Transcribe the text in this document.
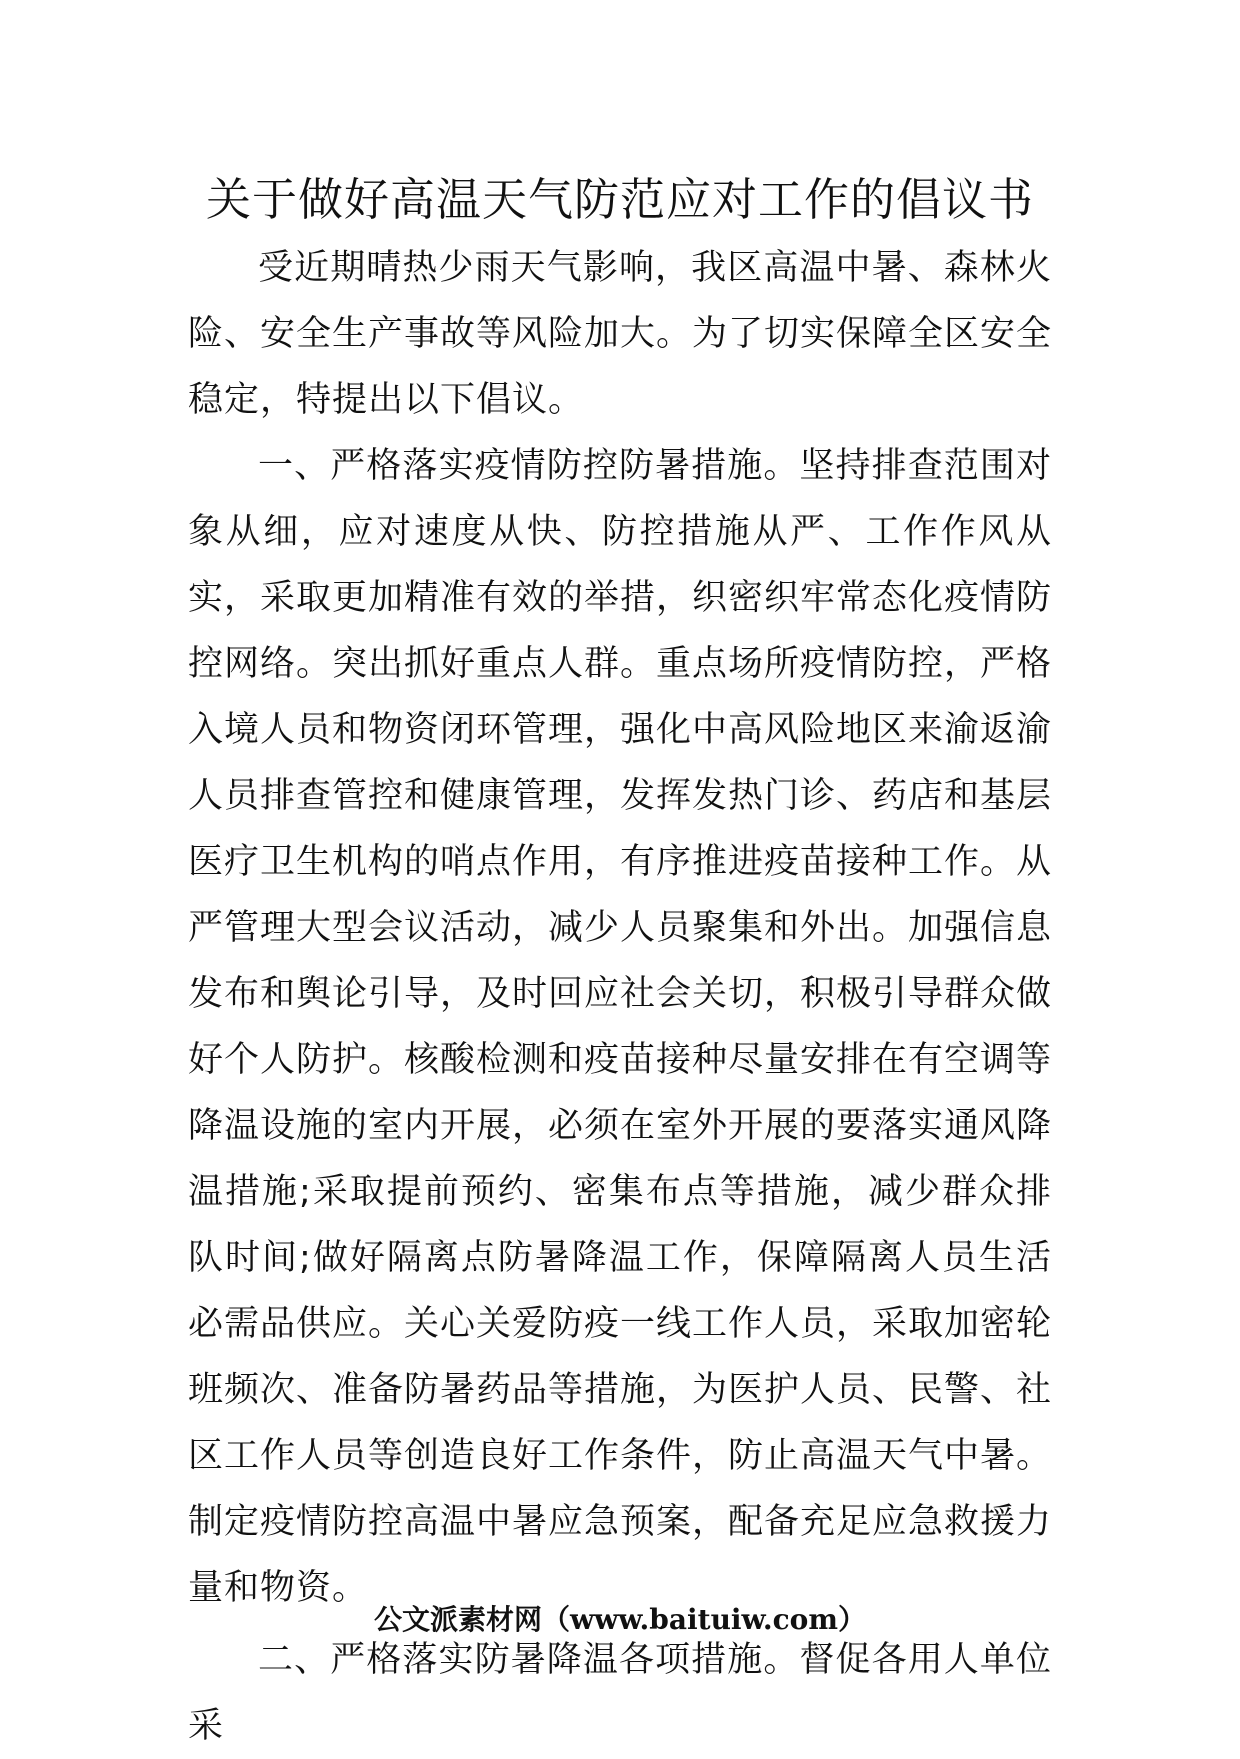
关于做好高温天气防范应对工作的倡议书

受近期晴热少雨天气影响，我区高温中暑、森林火险、安全生产事故等风险加大。为了切实保障全区安全稳定，特提出以下倡议。

一、严格落实疫情防控防暑措施。坚持排查范围对象从细，应对速度从快、防控措施从严、工作作风从实，采取更加精准有效的举措，织密织牢常态化疫情防控网络。突出抓好重点人群。重点场所疫情防控，严格入境人员和物资闭环管理，强化中高风险地区来渝返渝人员排查管控和健康管理，发挥发热门诊、药店和基层医疗卫生机构的哨点作用，有序推进疫苗接种工作。从严管理大型会议活动，减少人员聚集和外出。加强信息发布和舆论引导，及时回应社会关切，积极引导群众做好个人防护。核酸检测和疫苗接种尽量安排在有空调等降温设施的室内开展，必须在室外开展的要落实通风降温措施;采取提前预约、密集布点等措施，减少群众排队时间;做好隔离点防暑降温工作，保障隔离人员生活必需品供应。关心关爱防疫一线工作人员，采取加密轮班频次、准备防暑药品等措施，为医护人员、民警、社区工作人员等创造良好工作条件，防止高温天气中暑。制定疫情防控高温中暑应急预案，配备充足应急救援力量和物资。

二、严格落实防暑降温各项措施。督促各用人单位采

公文派素材网（www.baituiw.com）
